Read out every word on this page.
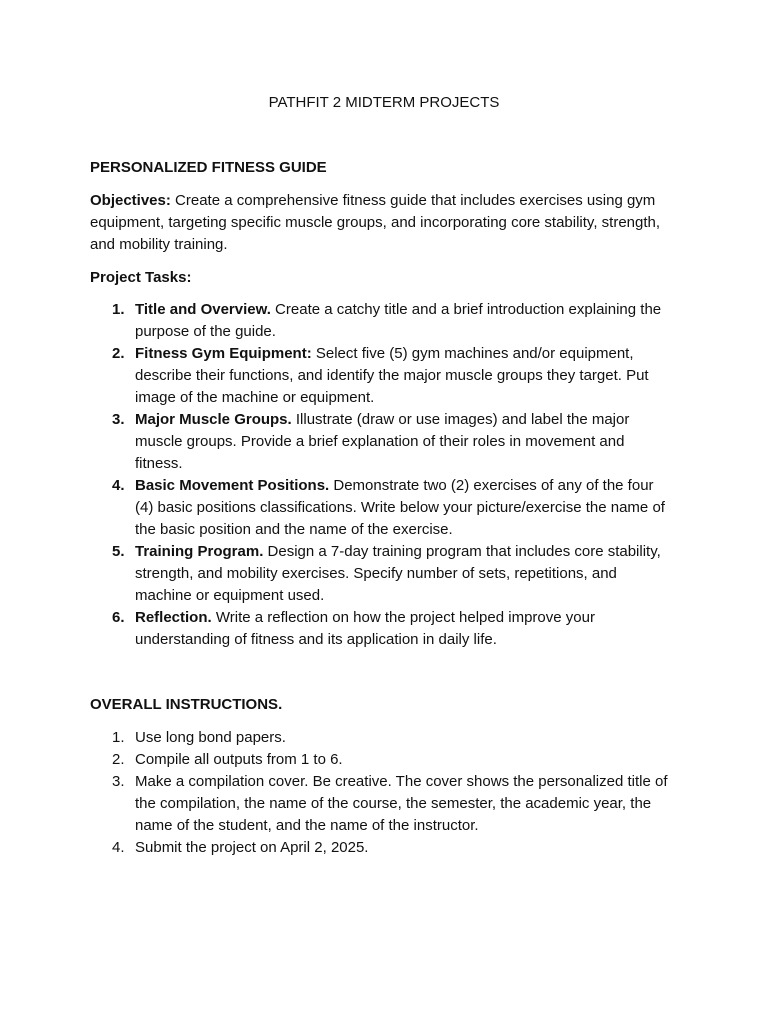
PATHFIT 2 MIDTERM PROJECTS
PERSONALIZED FITNESS GUIDE

Objectives: Create a comprehensive fitness guide that includes exercises using gym equipment, targeting specific muscle groups, and incorporating core stability, strength, and mobility training.

Project Tasks:
1. Title and Overview. Create a catchy title and a brief introduction explaining the purpose of the guide.
2. Fitness Gym Equipment: Select five (5) gym machines and/or equipment, describe their functions, and identify the major muscle groups they target. Put image of the machine or equipment.
3. Major Muscle Groups. Illustrate (draw or use images) and label the major muscle groups. Provide a brief explanation of their roles in movement and fitness.
4. Basic Movement Positions. Demonstrate two (2) exercises of any of the four (4) basic positions classifications. Write below your picture/exercise the name of the basic position and the name of the exercise.
5. Training Program. Design a 7-day training program that includes core stability, strength, and mobility exercises. Specify number of sets, repetitions, and machine or equipment used.
6. Reflection. Write a reflection on how the project helped improve your understanding of fitness and its application in daily life.
OVERALL INSTRUCTIONS.
1. Use long bond papers.
2. Compile all outputs from 1 to 6.
3. Make a compilation cover. Be creative. The cover shows the personalized title of the compilation, the name of the course, the semester, the academic year, the name of the student, and the name of the instructor.
4. Submit the project on April 2, 2025.
